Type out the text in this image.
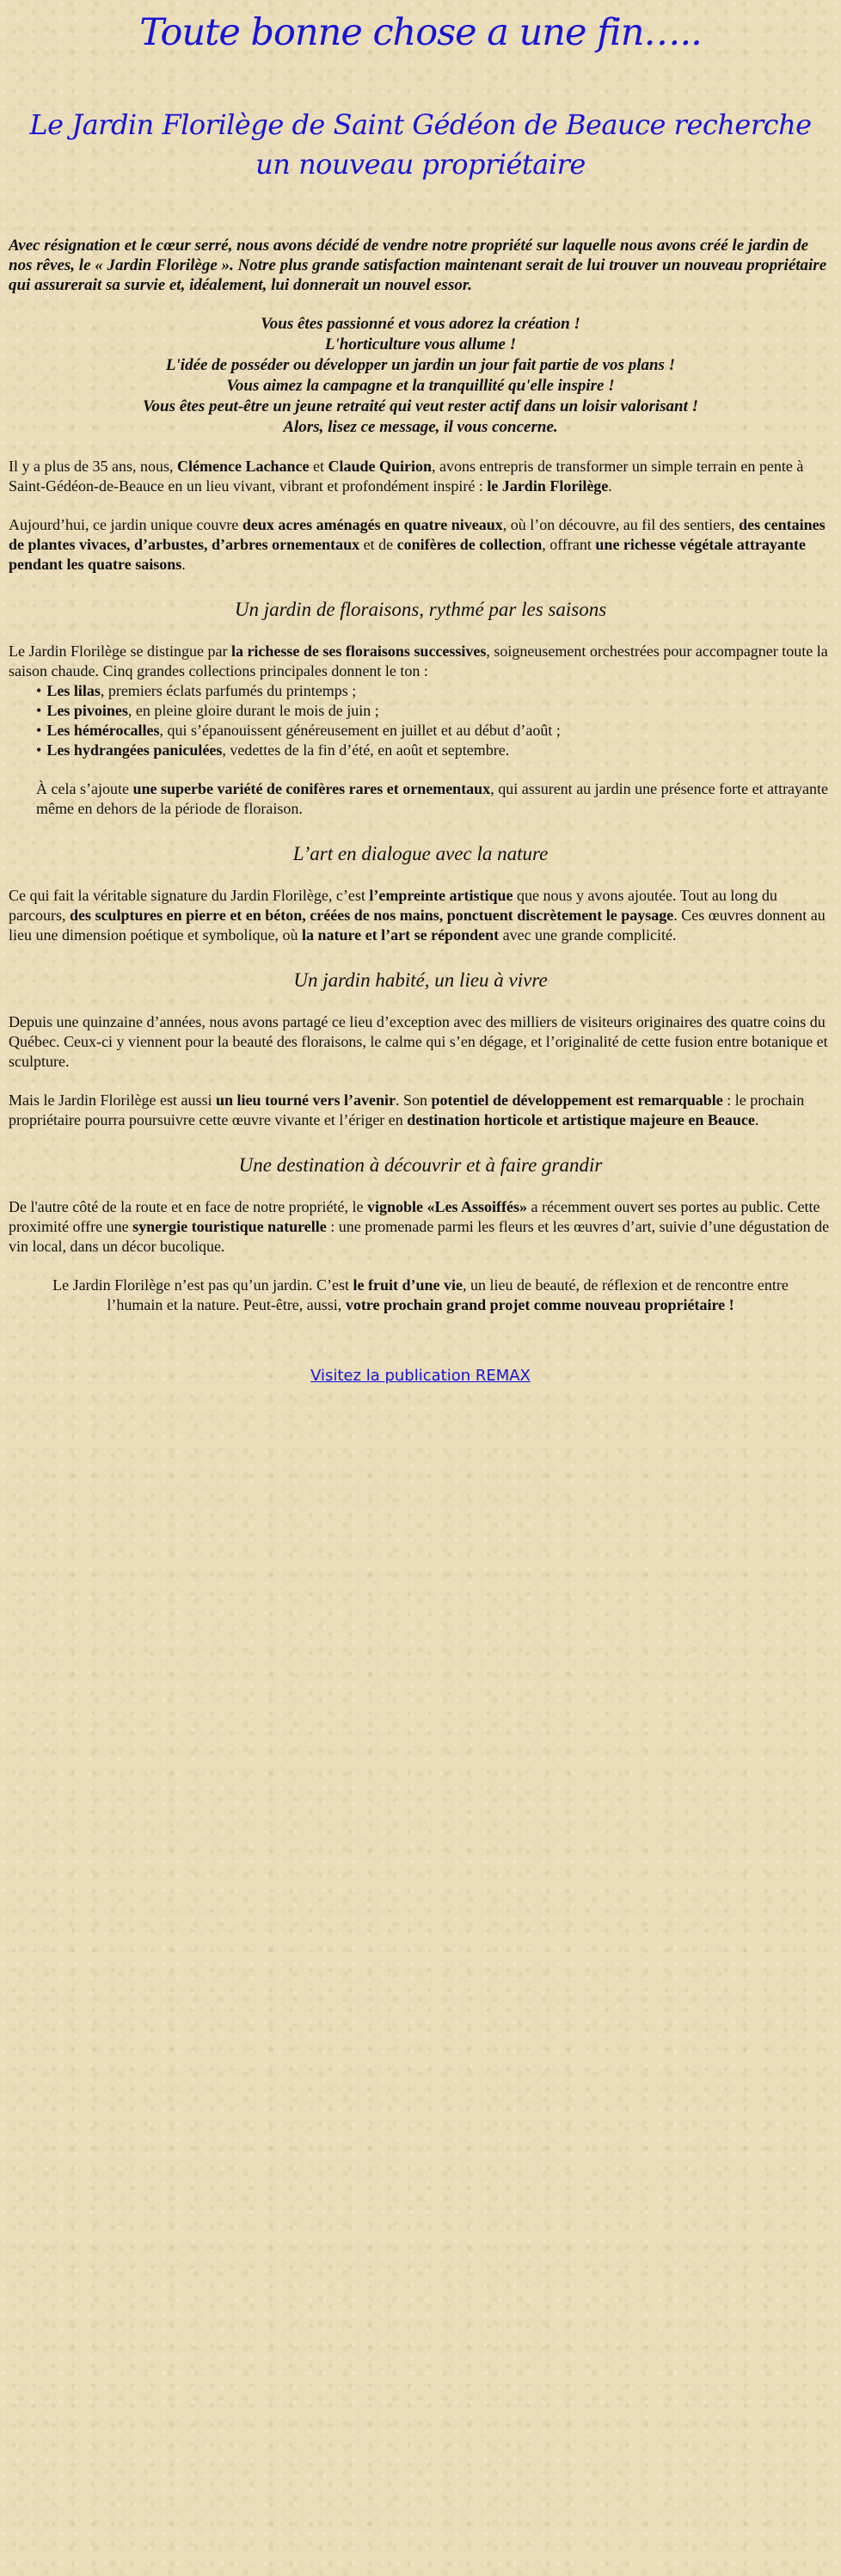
Toute bonne chose a une fin…..
Le Jardin Florilège de Saint Gédéon de Beauce recherche un nouveau propriétaire
Avec résignation et le cœur serré, nous avons décidé de vendre notre propriété sur laquelle nous avons créé le jardin de nos rêves, le « Jardin Florilège ». Notre plus grande satisfaction maintenant serait de lui trouver un nouveau propriétaire qui assurerait sa survie et, idéalement, lui donnerait un nouvel essor.
Vous êtes passionné et vous adorez la création !
L'horticulture vous allume !
L'idée de posséder ou développer un jardin un jour fait partie de vos plans !
Vous aimez la campagne et la tranquillité qu'elle inspire !
Vous êtes peut-être un jeune retraité qui veut rester actif dans un loisir valorisant !
Alors, lisez ce message, il vous concerne.

Il y a plus de 35 ans, nous, Clémence Lachance et Claude Quirion, avons entrepris de transformer un simple terrain en pente à Saint-Gédéon-de-Beauce en un lieu vivant, vibrant et profondément inspiré : le Jardin Florilège.

Aujourd’hui, ce jardin unique couvre deux acres aménagés en quatre niveaux, où l’on découvre, au fil des sentiers, des centaines de plantes vivaces, d’arbustes, d’arbres ornementaux et de conifères de collection, offrant une richesse végétale attrayante pendant les quatre saisons.

Un jardin de floraisons, rythmé par les saisons

Le Jardin Florilège se distingue par la richesse de ses floraisons successives, soigneusement orchestrées pour accompagner toute la saison chaude. Cinq grandes collections principales donnent le ton :

• Les lilas, premiers éclats parfumés du printemps ;
• Les pivoines, en pleine gloire durant le mois de juin ;
• Les hémérocalles, qui s’épanouissent généreusement en juillet et au début d’août ;
• Les hydrangées paniculées, vedettes de la fin d’été, en août et septembre.
À cela s’ajoute une superbe variété de conifères rares et ornementaux, qui assurent au jardin une présence forte et attrayante même en dehors de la période de floraison.
L’art en dialogue avec la nature

Ce qui fait la véritable signature du Jardin Florilège, c’est l’empreinte artistique que nous y avons ajoutée. Tout au long du parcours, des sculptures en pierre et en béton, créées de nos mains, ponctuent discrètement le paysage. Ces œuvres donnent au lieu une dimension poétique et symbolique, où la nature et l’art se répondent avec une grande complicité.

Un jardin habité, un lieu à vivre

Depuis une quinzaine d’années, nous avons partagé ce lieu d’exception avec des milliers de visiteurs originaires des quatre coins du Québec. Ceux-ci y viennent pour la beauté des floraisons, le calme qui s’en dégage, et l’originalité de cette fusion entre botanique et sculpture.

Mais le Jardin Florilège est aussi un lieu tourné vers l’avenir. Son potentiel de développement est remarquable : le prochain propriétaire pourra poursuivre cette œuvre vivante et l’ériger en destination horticole et artistique majeure en Beauce.

Une destination à découvrir et à faire grandir

De l'autre côté de la route et en face de notre propriété, le vignoble «Les Assoiffés» a récemment ouvert ses portes au public. Cette proximité offre une synergie touristique naturelle : une promenade parmi les fleurs et les œuvres d’art, suivie d’une dégustation de vin local, dans un décor bucolique.

Le Jardin Florilège n’est pas qu’un jardin. C’est le fruit d’une vie, un lieu de beauté, de réflexion et de rencontre entre l’humain et la nature. Peut-être, aussi, votre prochain grand projet comme nouveau propriétaire !
Visitez la publication REMAX
